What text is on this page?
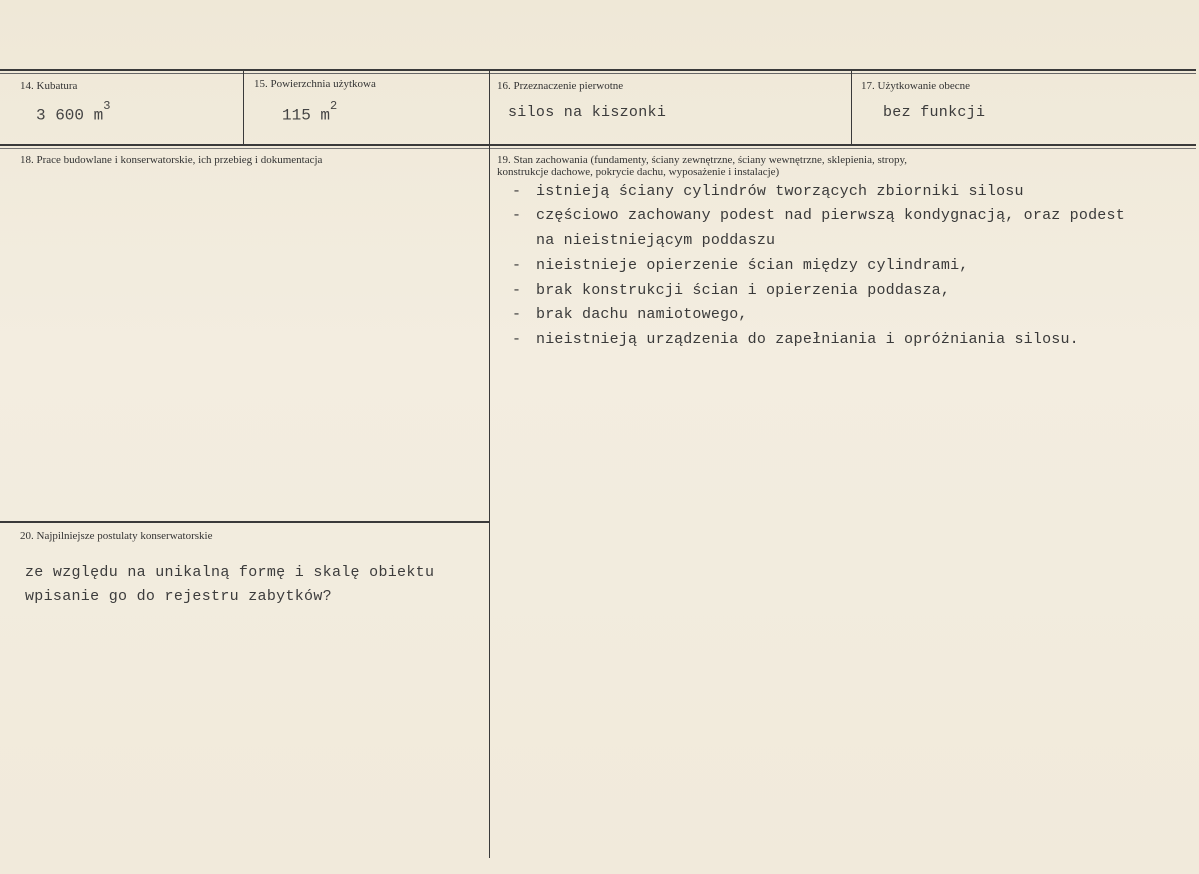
14. Kubatura
3 600 $m^3$
15. Powierzchnia użytkowa
115 $m^2$
16. Przeznaczenie pierwotne
silos na kiszonki
17. Użytkowanie obecne
bez funkcji
18. Prace budowlane i konserwatorskie, ich przebieg i dokumentacja	19. Stan zachowania (fundamenty, ściany zewnętrzne, ściany wewnętrzne, sklepienia, stropy,
konstrukcje dachowe, pokrycie dachu, wyposażenie i instalacje)
- istnieją ściany cylindrów tworzących zbiorniki silosu
- częściowo zachowany podest nad pierwszą kondygnacją, oraz podest
na nieistniejącym poddaszu
- nieistnieje opierzenie ścian między cylindrami,
- brak konstrukcji ścian i opierzenia poddasza,
- brak dachu namiotowego,
- nieistnieją urządzenia do zapełniania i opróżniania silosu.
20. Najpilniejsze postulaty konserwatorskie
ze względu na unikalną formę i skalę obiektu
wpisanie go do rejestru zabytków?
